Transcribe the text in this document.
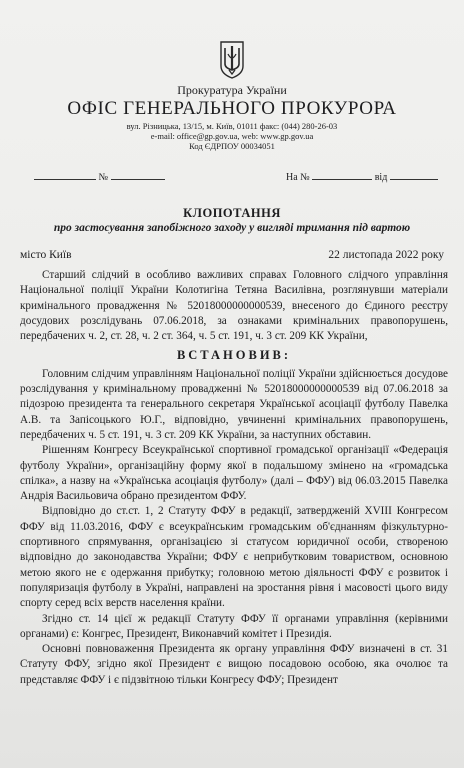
Прокуратура України
ОФІС ГЕНЕРАЛЬНОГО ПРОКУРОРА
вул. Різницька, 13/15, м. Київ, 01011 факс: (044) 280-26-03
e-mail: office@gp.gov.ua, web: www.gp.gov.ua
Код ЄДРПОУ 00034051
№	На №	від
КЛОПОТАННЯ
про застосування запобіжного заходу у вигляді тримання під вартою
місто Київ	22 листопада 2022 року

Старший слідчий в особливо важливих справах Головного слідчого управління Національної поліції України Колотигіна Тетяна Василівна, розглянувши матеріали кримінального провадження № 52018000000000539, внесеного до Єдиного реєстру досудових розслідувань 07.06.2018, за ознаками кримінальних правопорушень, передбачених ч. 2, ст. 28, ч. 2 ст. 364, ч. 5 ст. 191, ч. 3 ст. 209 КК України,

ВСТАНОВИВ:

Головним слідчим управлінням Національної поліції України здійснюється досудове розслідування у кримінальному провадженні № 52018000000000539 від 07.06.2018 за підозрою президента та генерального секретаря Української асоціації футболу Павелка А.В. та Запісоцького Ю.Г., відповідно, увчиненні кримінальних правопорушень, передбачених ч. 5 ст. 191, ч. 3 ст. 209 КК України, за наступних обставин.

Рішенням Конгресу Всеукраїнської спортивної громадської організації «Федерація футболу України», організаційну форму якої в подальшому змінено на «громадська спілка», а назву на «Українська асоціація футболу» (далі – ФФУ) від 06.03.2015 Павелка Андрія Васильовича обрано президентом ФФУ.

Відповідно до ст.ст. 1, 2 Статуту ФФУ в редакції, затвердженій XVIII Конгресом ФФУ від 11.03.2016, ФФУ є всеукраїнським громадським об'єднанням фізкультурно-спортивного спрямування, організацією зі статусом юридичної особи, створеною відповідно до законодавства України; ФФУ є неприбутковим товариством, основною метою якого не є одержання прибутку; головною метою діяльності ФФУ є розвиток і популяризація футболу в Україні, направлені на зростання рівня і масовості цього виду спорту серед всіх верств населення країни.

Згідно ст. 14 цієї ж редакції Статуту ФФУ її органами управління (керівними органами) є: Конгрес, Президент, Виконавчий комітет і Президія.

Основні повноваження Президента як органу управління ФФУ визначені в ст. 31 Статуту ФФУ, згідно якої Президент є вищою посадовою особою, яка очолює та представляє ФФУ і є підзвітною тільки Конгресу ФФУ; Президент
